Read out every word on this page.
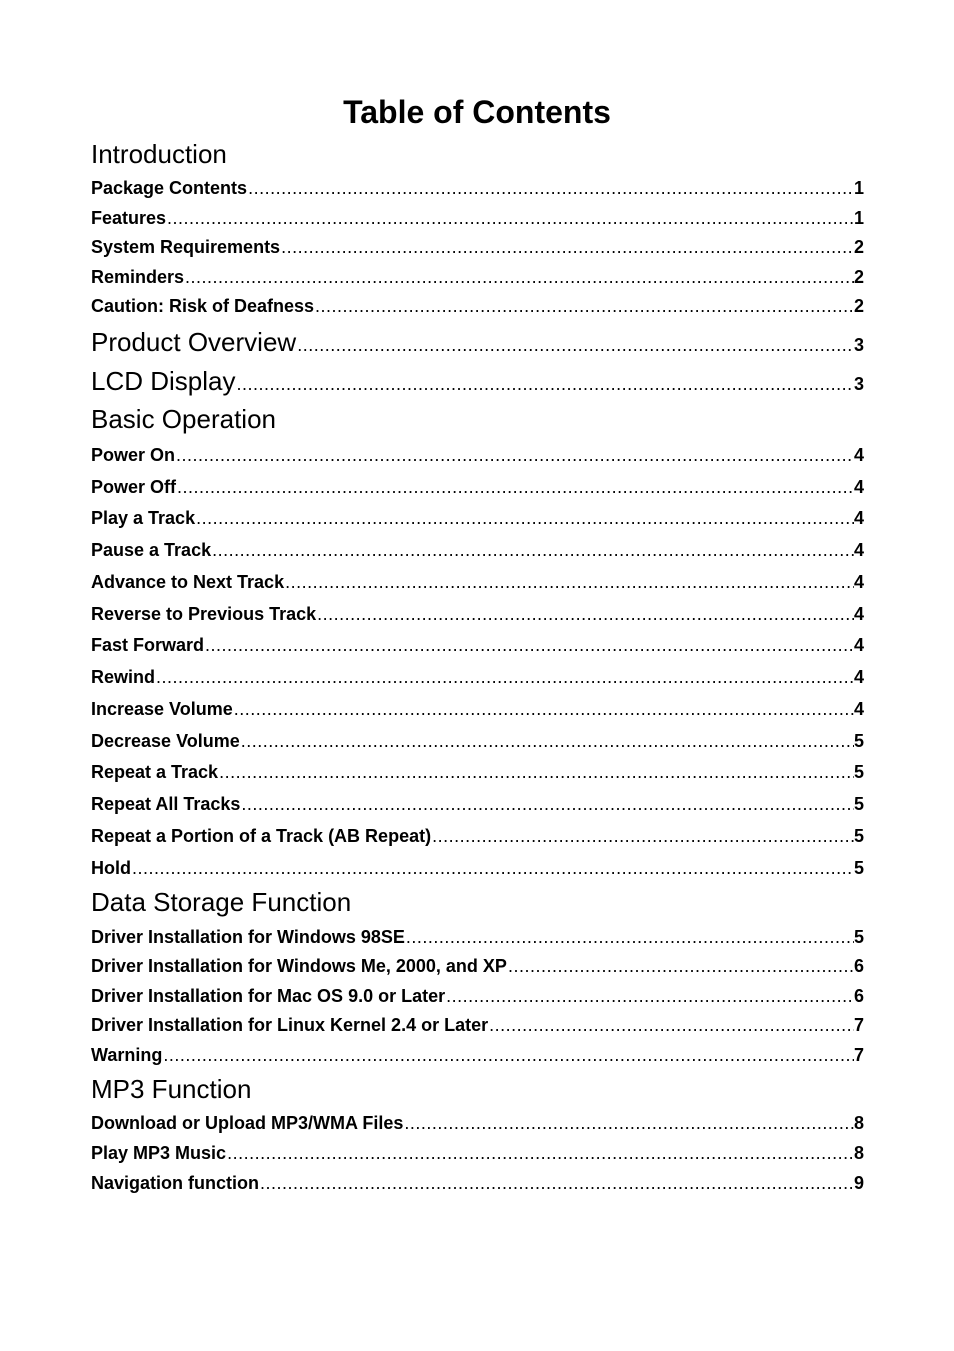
Table of Contents
Introduction
Package Contents .....	1
Features .....	1
System Requirements .....	2
Reminders .....	2
Caution: Risk of Deafness .....	2
Product Overview .....	3
LCD Display .....	3
Basic Operation
Power On .....	4
Power Off .....	4
Play a Track .....	4
Pause a Track .....	4
Advance to Next Track .....	4
Reverse to Previous Track .....	4
Fast Forward .....	4
Rewind .....	4
Increase Volume .....	4
Decrease Volume .....	5
Repeat a Track .....	5
Repeat All Tracks .....	5
Repeat a Portion of a Track (AB Repeat) .....	5
Hold .....	5
Data Storage Function
Driver Installation for Windows 98SE .....	5
Driver Installation for Windows Me, 2000, and XP .....	6
Driver Installation for Mac OS 9.0 or Later .....	6
Driver Installation for Linux Kernel 2.4 or Later .....	7
Warning .....	7
MP3 Function
Download or Upload MP3/WMA Files .....	8
Play MP3 Music .....	8
Navigation function .....	9
